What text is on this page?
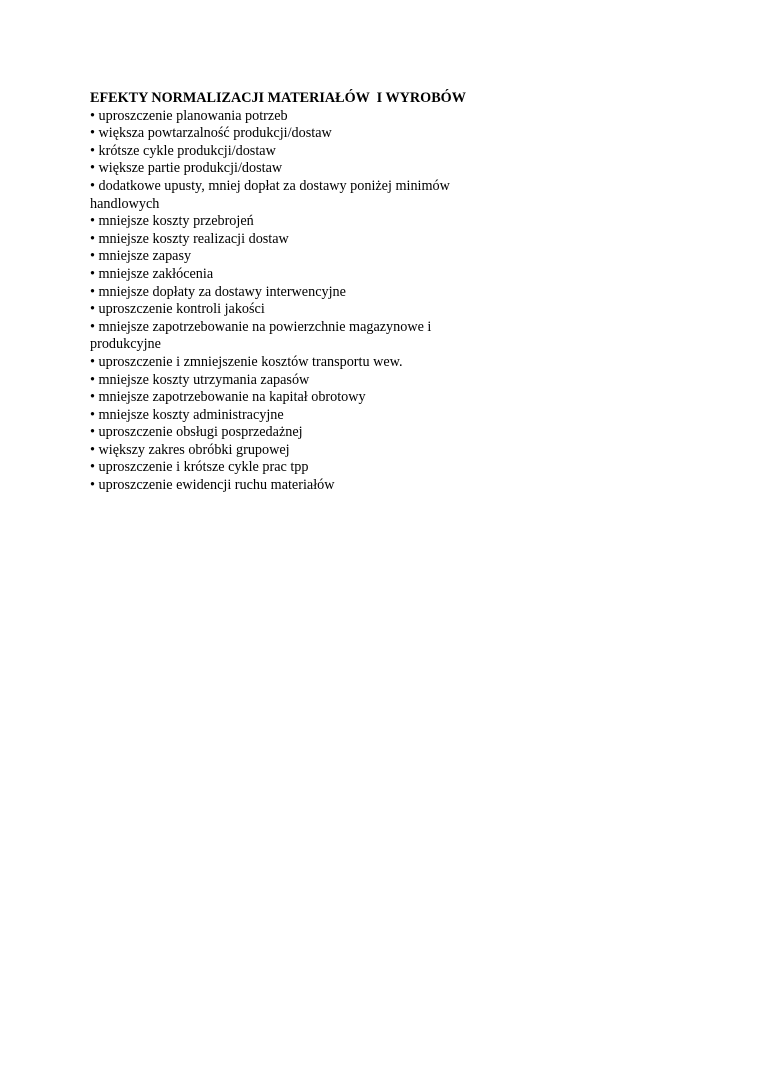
EFEKTY NORMALIZACJI MATERIAŁÓW  I WYROBÓW

• uproszczenie planowania potrzeb

• większa powtarzalność produkcji/dostaw

• krótsze cykle produkcji/dostaw

• większe partie produkcji/dostaw

• dodatkowe upusty, mniej dopłat za dostawy poniżej minimów handlowych

• mniejsze koszty przebrojeń

• mniejsze koszty realizacji dostaw

• mniejsze zapasy

• mniejsze zakłócenia

• mniejsze dopłaty za dostawy interwencyjne

• uproszczenie kontroli jakości

• mniejsze zapotrzebowanie na powierzchnie magazynowe i produkcyjne

• uproszczenie i zmniejszenie kosztów transportu wew.

• mniejsze koszty utrzymania zapasów

• mniejsze zapotrzebowanie na kapitał obrotowy

• mniejsze koszty administracyjne

• uproszczenie obsługi posprzedażnej

• większy zakres obróbki grupowej

• uproszczenie i krótsze cykle prac tpp

• uproszczenie ewidencji ruchu materiałów
